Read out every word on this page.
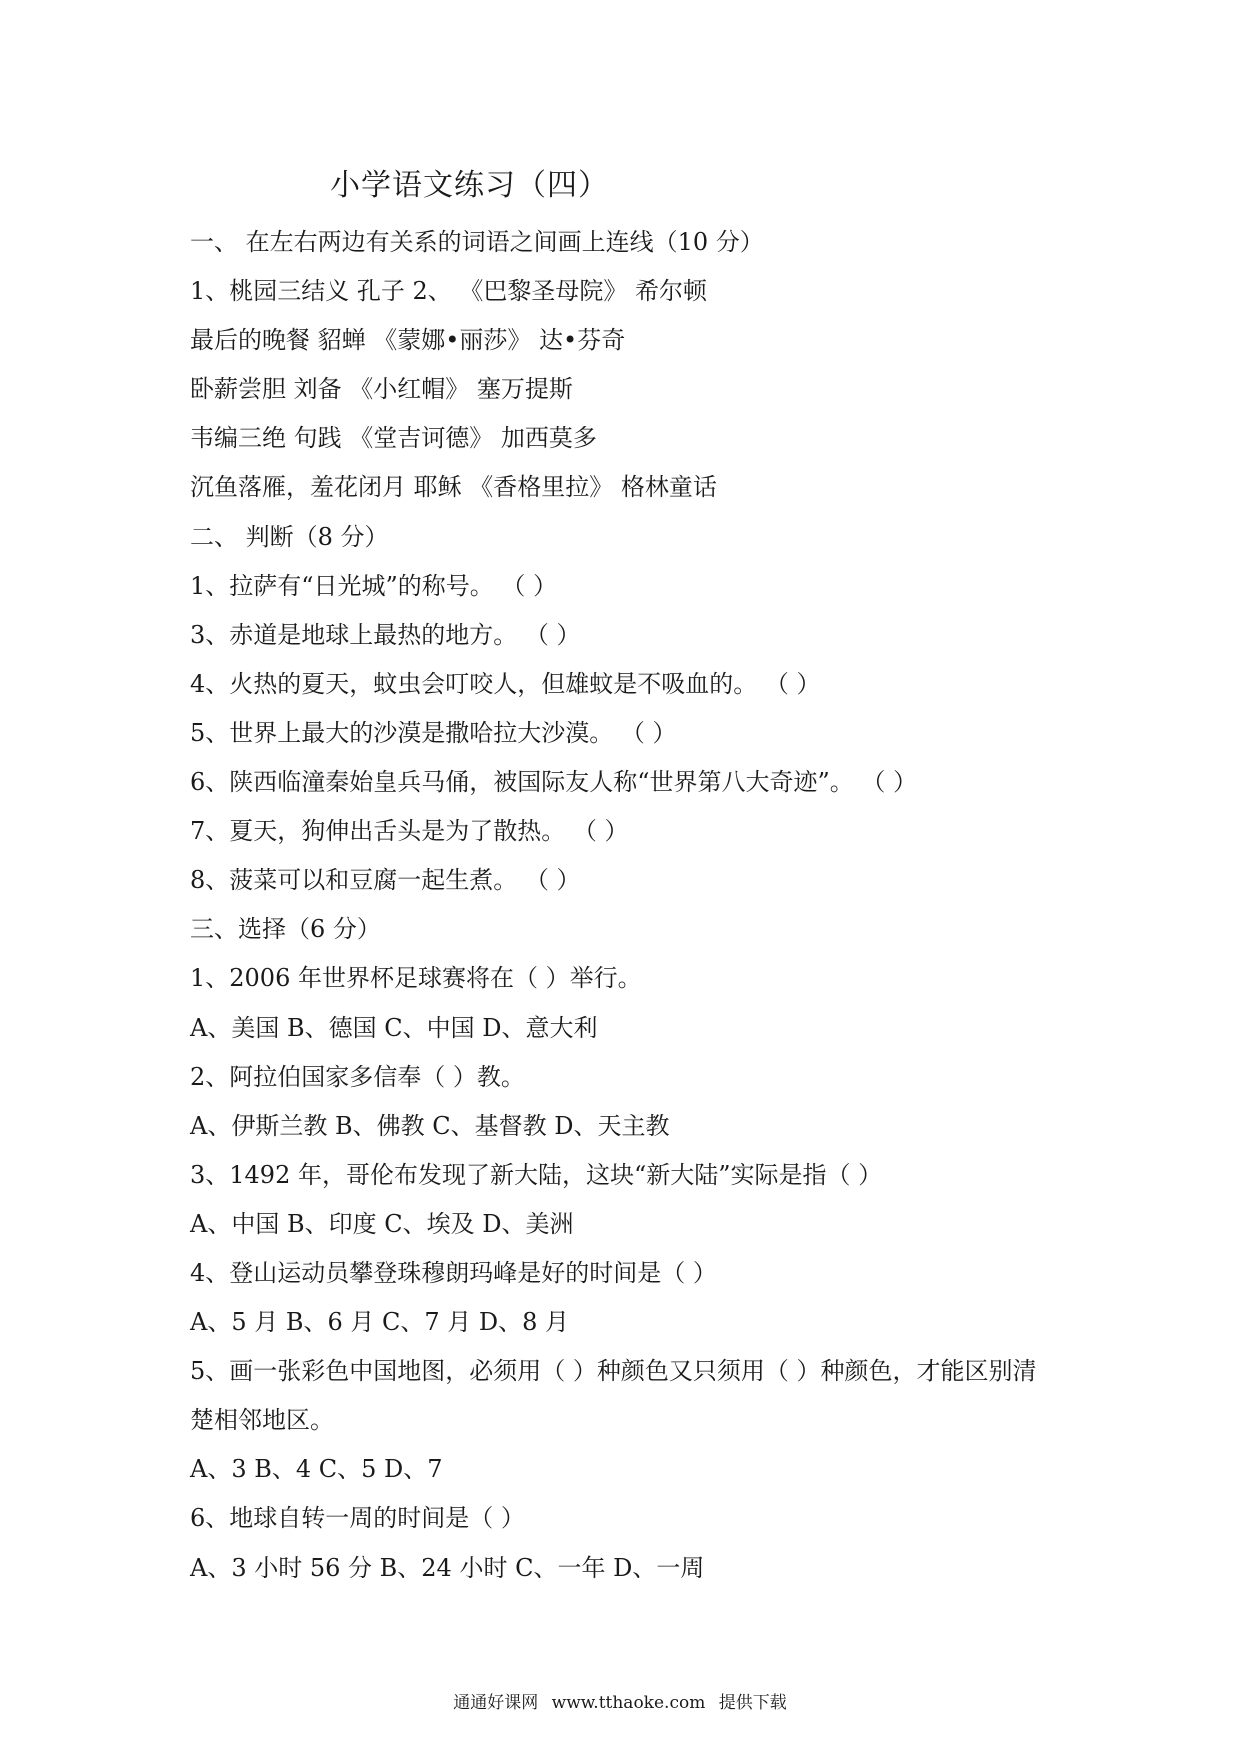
小学语文练习（四）
一、 在左右两边有关系的词语之间画上连线（10 分）
1、桃园三结义 孔子 2、 《巴黎圣母院》 希尔顿
最后的晚餐 貂蝉 《蒙娜•丽莎》 达•芬奇
卧薪尝胆 刘备 《小红帽》 塞万提斯
韦编三绝 句践 《堂吉诃德》 加西莫多
沉鱼落雁，羞花闭月 耶稣 《香格里拉》 格林童话
二、 判断（8 分）
1、拉萨有“日光城”的称号。 （ ）
3、赤道是地球上最热的地方。 （ ）
4、火热的夏天，蚊虫会叮咬人，但雄蚊是不吸血的。 （ ）
5、世界上最大的沙漠是撒哈拉大沙漠。 （ ）
6、陕西临潼秦始皇兵马俑，被国际友人称“世界第八大奇迹”。 （ ）
7、夏天，狗伸出舌头是为了散热。 （ ）
8、菠菜可以和豆腐一起生煮。 （ ）
三、选择（6 分）
1、2006 年世界杯足球赛将在（ ）举行。
A、美国 B、德国 C、中国 D、意大利
2、阿拉伯国家多信奉（ ）教。
A、伊斯兰教 B、佛教 C、基督教 D、天主教
3、1492 年，哥伦布发现了新大陆，这块“新大陆”实际是指（ ）
A、中国 B、印度 C、埃及 D、美洲
4、登山运动员攀登珠穆朗玛峰是好的时间是（ ）
A、5 月 B、6 月 C、7 月 D、8 月
5、画一张彩色中国地图，必须用（ ）种颜色又只须用（ ）种颜色，才能区别清
楚相邻地区。
A、3 B、4 C、5 D、7
6、地球自转一周的时间是（ ）
A、3 小时 56 分 B、24 小时 C、一年 D、一周
通通好课网 www.tthaoke.com 提供下载
